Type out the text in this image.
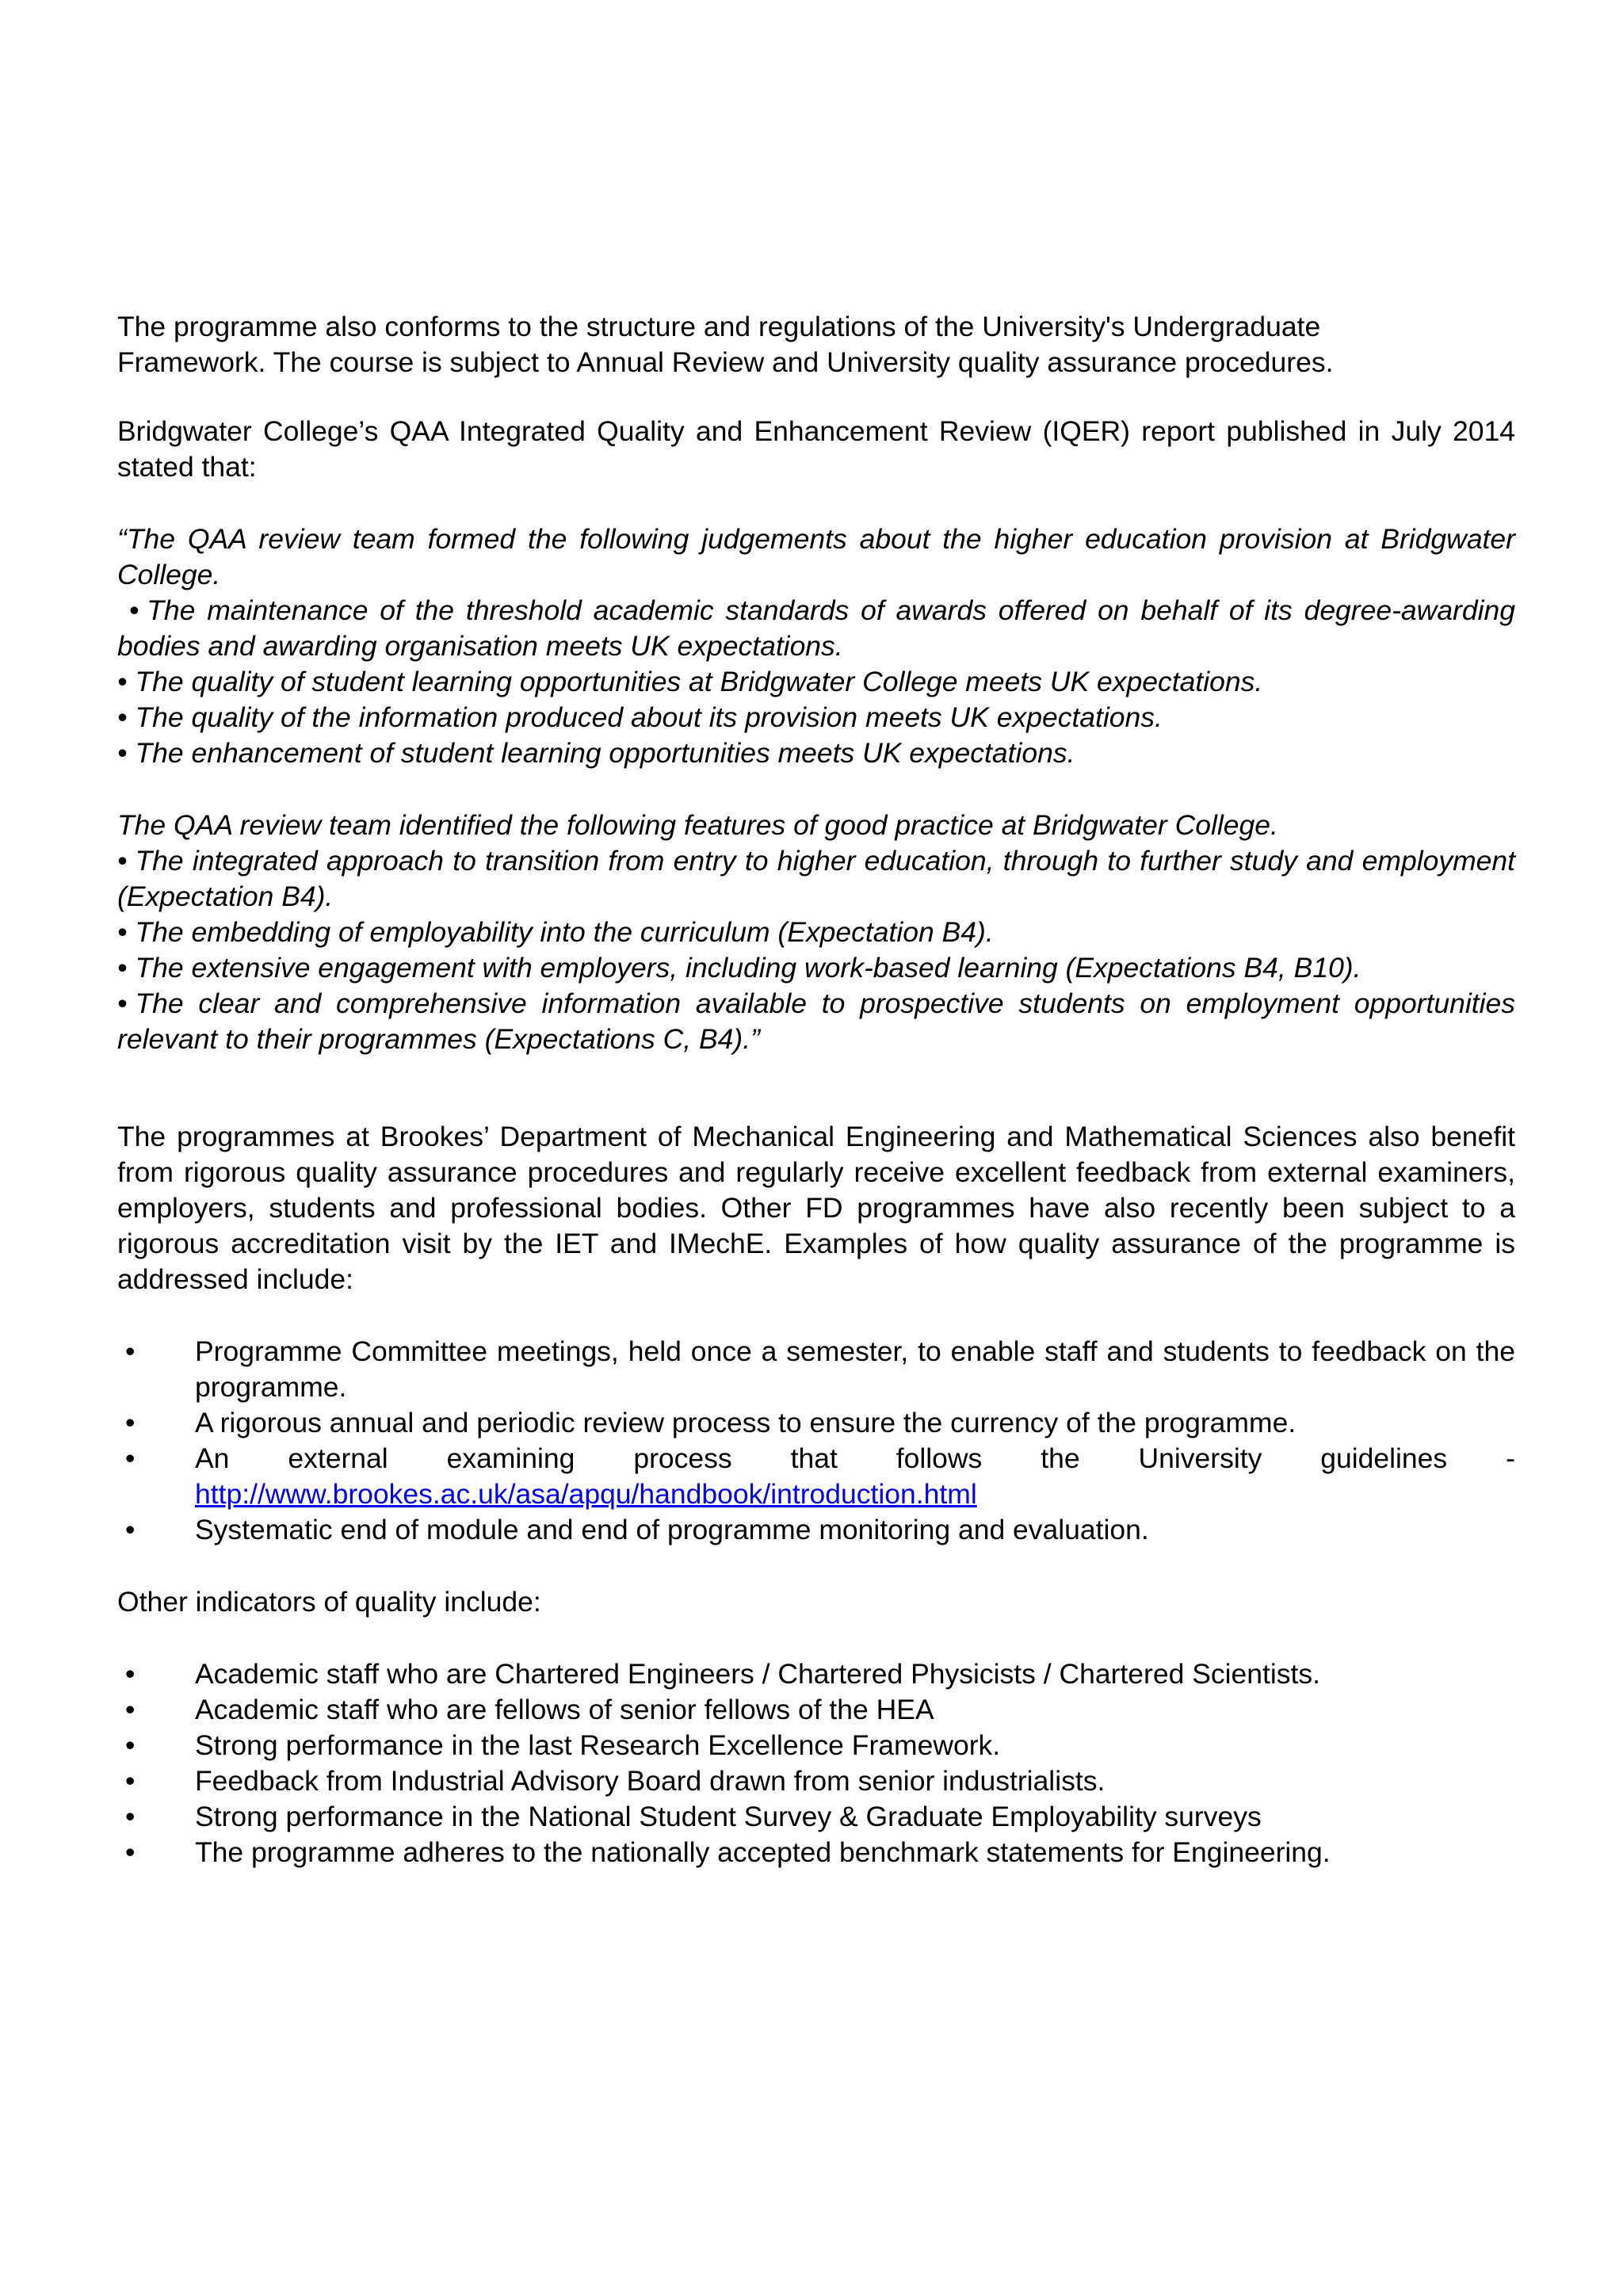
The programme also conforms to the structure and regulations of the University's Undergraduate Framework. The course is subject to Annual Review and University quality assurance procedures.

Bridgwater College’s QAA Integrated Quality and Enhancement Review (IQER) report published in July 2014 stated that:

“The QAA review team formed the following judgements about the higher education provision at Bridgwater College.

• The maintenance of the threshold academic standards of awards offered on behalf of its degree-awarding bodies and awarding organisation meets UK expectations.

• The quality of student learning opportunities at Bridgwater College meets UK expectations.

• The quality of the information produced about its provision meets UK expectations.

• The enhancement of student learning opportunities meets UK expectations.

The QAA review team identified the following features of good practice at Bridgwater College.

• The integrated approach to transition from entry to higher education, through to further study and employment (Expectation B4).

• The embedding of employability into the curriculum (Expectation B4).

• The extensive engagement with employers, including work-based learning (Expectations B4, B10).

• The clear and comprehensive information available to prospective students on employment opportunities relevant to their programmes (Expectations C, B4).”

The programmes at Brookes’ Department of Mechanical Engineering and Mathematical Sciences also benefit from rigorous quality assurance procedures and regularly receive excellent feedback from external examiners, employers, students and professional bodies. Other FD programmes have also recently been subject to a rigorous accreditation visit by the IET and IMechE. Examples of how quality assurance of the programme is addressed include:

• Programme Committee meetings, held once a semester, to enable staff and students to feedback on the programme.
• A rigorous annual and periodic review process to ensure the currency of the programme.
• An external examining process that follows the University guidelines -
http://www.brookes.ac.uk/asa/apqu/handbook/introduction.html
• Systematic end of module and end of programme monitoring and evaluation.

Other indicators of quality include:

• Academic staff who are Chartered Engineers / Chartered Physicists / Chartered Scientists.
• Academic staff who are fellows of senior fellows of the HEA
• Strong performance in the last Research Excellence Framework.
• Feedback from Industrial Advisory Board drawn from senior industrialists.
• Strong performance in the National Student Survey & Graduate Employability surveys
• The programme adheres to the nationally accepted benchmark statements for Engineering.
